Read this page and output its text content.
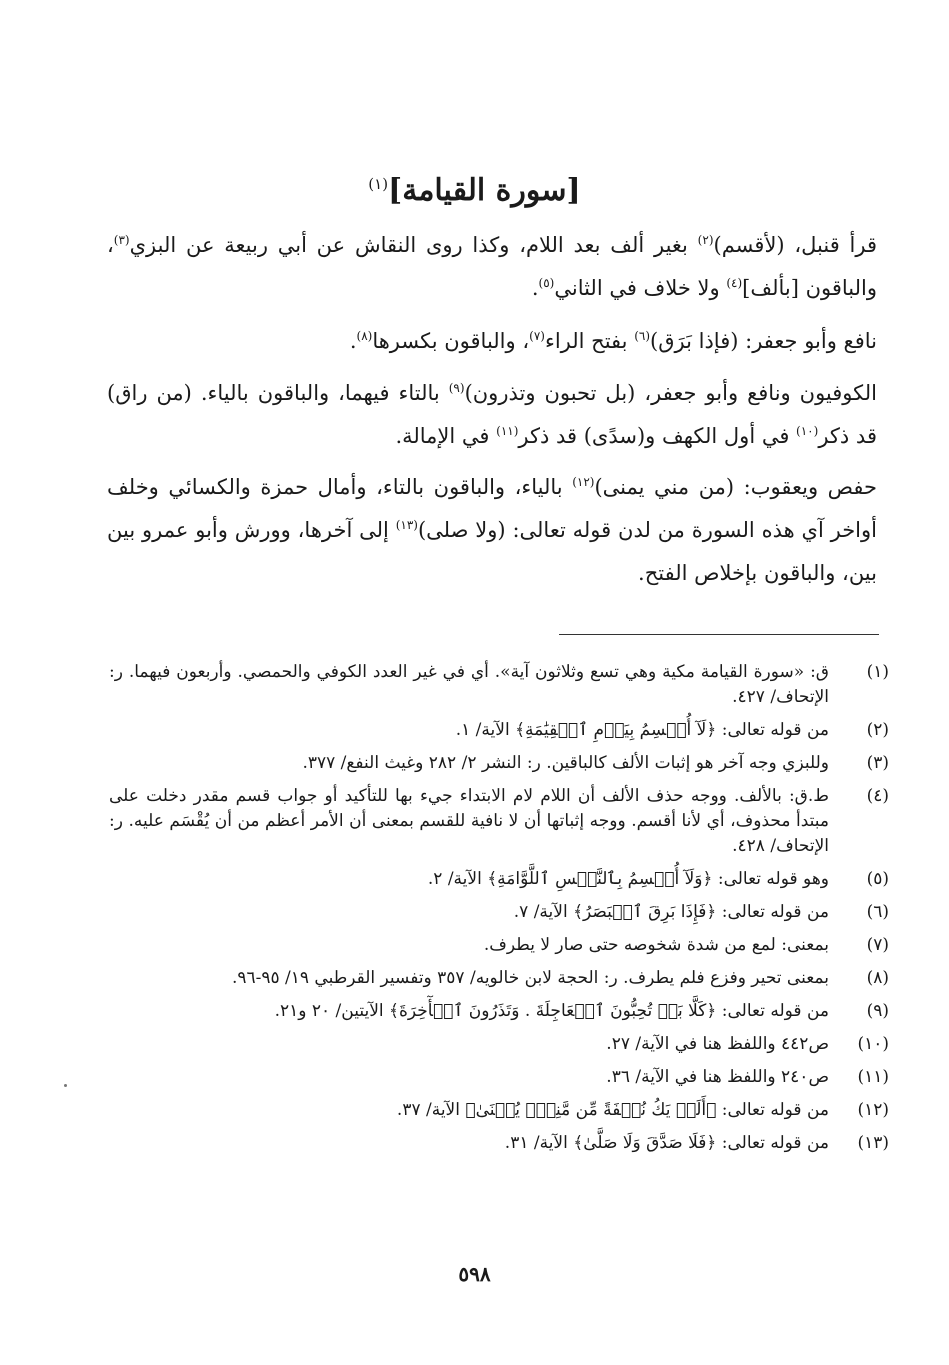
[سورة القيامة]$^{(١)}$
قرأ قنبل، (لأقسم)$^{(٢)}$ بغير ألف بعد اللام، وكذا روى النقاش عن أبي ربيعة عن البزي$^{(٣)}$، والباقون [بألف]$^{(٤)}$ ولا خلاف في الثاني$^{(٥)}$.
نافع وأبو جعفر: (فإذا بَرَق)$^{(٦)}$ بفتح الراء$^{(٧)}$، والباقون بكسرها$^{(٨)}$.
الكوفيون ونافع وأبو جعفر، (بل تحبون وتذرون)$^{(٩)}$ بالتاء فيهما، والباقون بالياء. (من راق) قد ذكر$^{(١٠)}$ في أول الكهف و(سدًى) قد ذكر$^{(١١)}$ في الإمالة.
حفص ويعقوب: (من مني يمنى)$^{(١٢)}$ بالياء، والباقون بالتاء، وأمال حمزة والكسائي وخلف أواخر آي هذه السورة من لدن قوله تعالى: (ولا صلى)$^{(١٣)}$ إلى آخرها، وورش وأبو عمرو بين بين، والباقون بإخلاص الفتح.
(١)
ق: «سورة القيامة مكية وهي تسع وثلاثون آية». أي في غير العدد الكوفي والحمصي. وأربعون فيهما. ر: الإتحاف/ ٤٢٧.
(٢)
من قوله تعالى: ﴿لَآ أُقۡسِمُ بِيَوۡمِ ٱلۡقِيَٰمَةِ﴾ الآية/ ١.
(٣)
وللبزي وجه آخر هو إثبات الألف كالباقين. ر: النشر ٢/ ٢٨٢ وغيث النفع/ ٣٧٧.
(٤)
ط.ق: بالألف. ووجه حذف الألف أن اللام لام الابتداء جيء بها للتأكيد أو جواب قسم مقدر دخلت على مبتدأ محذوف، أي لأنا أقسم. ووجه إثباتها أن لا نافية للقسم بمعنى أن الأمر أعظم من أن يُقْسَم عليه. ر: الإتحاف/ ٤٢٨.
(٥)
وهو قوله تعالى: ﴿وَلَآ أُقۡسِمُ بِٱلنَّفۡسِ ٱللَّوَّامَةِ﴾ الآية/ ٢.
(٦)
من قوله تعالى: ﴿فَإِذَا بَرِقَ ٱلۡبَصَرُ﴾ الآية/ ٧.
(٧)
بمعنى: لمع من شدة شخوصه حتى صار لا يطرف.
(٨)
بمعنى تحير وفزع فلم يطرف. ر: الحجة لابن خالويه/ ٣٥٧ وتفسير القرطبي ١٩/ ٩٥-٩٦.
(٩)
من قوله تعالى: ﴿كَلَّا بَلۡ تُحِبُّونَ ٱلۡعَاجِلَةَ . وَتَذَرُونَ ٱلۡأٓخِرَةَ﴾ الآيتين/ ٢٠ و٢١.
(١٠)
ص٤٤٢ واللفظ هنا في الآية/ ٢٧.
(١١)
ص٢٤٠ واللفظ هنا في الآية/ ٣٦.
(١٢)
من قوله تعالى: ﴿أَلَمۡ يَكُ نُطۡفَةً مِّن مَّنِيّٖ يُمۡنَىٰ﴾ الآية/ ٣٧.
(١٣)
من قوله تعالى: ﴿فَلَا صَدَّقَ وَلَا صَلَّىٰ﴾ الآية/ ٣١.
٥٩٨
